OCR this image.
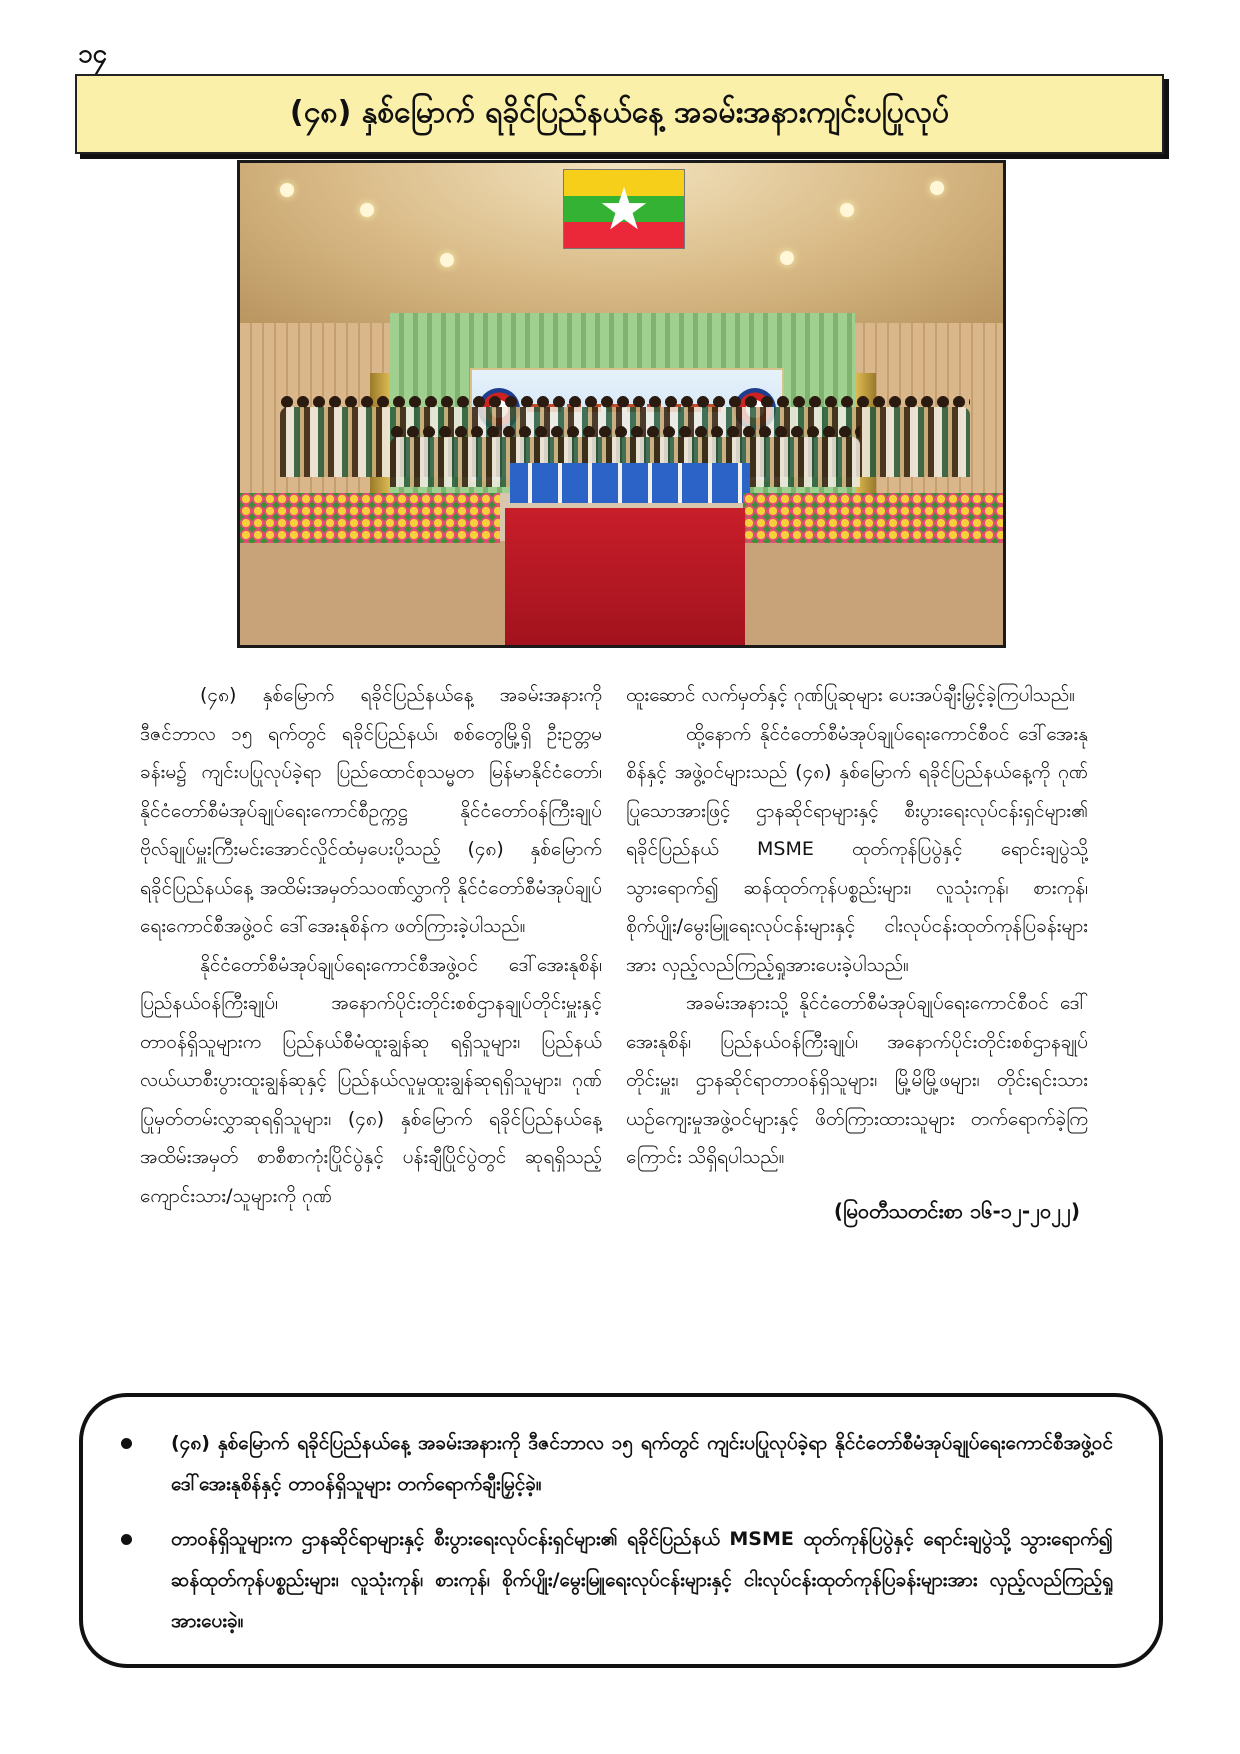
၁၄
(၄၈) နှစ်မြောက် ရခိုင်ပြည်နယ်နေ့ အခမ်းအနားကျင်းပပြုလုပ်
★

(၄၈) နှစ်မြောက် ရခိုင်ပြည်နယ်နေ့ အခမ်းအနားကို ဒီဇင်ဘာလ ၁၅ ရက်တွင် ရခိုင်ပြည်နယ်၊ စစ်တွေမြို့ရှိ ဦးဥတ္တမ ခန်းမ၌ ကျင်းပပြုလုပ်ခဲ့ရာ ပြည်ထောင်စုသမ္မတ မြန်မာနိုင်ငံတော်၊ နိုင်ငံတော်စီမံအုပ်ချုပ်ရေးကောင်စီဥက္ကဋ္ဌ နိုင်ငံတော်ဝန်ကြီးချုပ် ဗိုလ်ချုပ်မှူးကြီးမင်းအောင်လှိုင်ထံမှပေးပို့သည့် (၄၈) နှစ်မြောက် ရခိုင်ပြည်နယ်နေ့ အထိမ်းအမှတ်သဝဏ်လွှာကို နိုင်ငံတော်စီမံအုပ်ချုပ်ရေးကောင်စီအဖွဲ့ဝင် ဒေါ်အေးနုစိန်က ဖတ်ကြားခဲ့ပါသည်။

နိုင်ငံတော်စီမံအုပ်ချုပ်ရေးကောင်စီအဖွဲ့ဝင် ဒေါ်အေးနုစိန်၊ ပြည်နယ်ဝန်ကြီးချုပ်၊ အနောက်ပိုင်းတိုင်းစစ်ဌာနချုပ်တိုင်းမှူးနှင့် တာဝန်ရှိသူများက ပြည်နယ်စီမံထူးချွန်ဆု ရရှိသူများ၊ ပြည်နယ်လယ်ယာစီးပွားထူးချွန်ဆုနှင့် ပြည်နယ်လူမှုထူးချွန်ဆုရရှိသူများ၊ ဂုဏ်ပြုမှတ်တမ်းလွှာဆုရရှိသူများ၊ (၄၈) နှစ်မြောက် ရခိုင်ပြည်နယ်နေ့အထိမ်းအမှတ် စာစီစာကုံးပြိုင်ပွဲနှင့် ပန်းချီပြိုင်ပွဲတွင် ဆုရရှိသည့် ကျောင်းသား/သူများကို ဂုဏ်

ထူးဆောင် လက်မှတ်နှင့် ဂုဏ်ပြုဆုများ ပေးအပ်ချီးမြှင့်ခဲ့ကြပါသည်။

ထို့နောက် နိုင်ငံတော်စီမံအုပ်ချုပ်ရေးကောင်စီဝင် ဒေါ်အေးနုစိန်နှင့် အဖွဲ့ဝင်များသည် (၄၈) နှစ်မြောက် ရခိုင်ပြည်နယ်နေ့ကို ဂုဏ်ပြုသောအားဖြင့် ဌာနဆိုင်ရာများနှင့် စီးပွားရေးလုပ်ငန်းရှင်များ၏ ရခိုင်ပြည်နယ် MSME ထုတ်ကုန်ပြပွဲနှင့် ရောင်းချပွဲသို့ သွားရောက်၍ ဆန်ထုတ်ကုန်ပစ္စည်းများ၊ လူသုံးကုန်၊ စားကုန်၊ စိုက်ပျိုး/မွေးမြူရေးလုပ်ငန်းများနှင့် ငါးလုပ်ငန်းထုတ်ကုန်ပြခန်းများအား လှည့်လည်ကြည့်ရှုအားပေးခဲ့ပါသည်။

အခမ်းအနားသို့ နိုင်ငံတော်စီမံအုပ်ချုပ်ရေးကောင်စီဝင် ဒေါ်အေးနုစိန်၊ ပြည်နယ်ဝန်ကြီးချုပ်၊ အနောက်ပိုင်းတိုင်းစစ်ဌာနချုပ်တိုင်းမှူး၊ ဌာနဆိုင်ရာတာဝန်ရှိသူများ၊ မြို့မိမြို့ဖများ၊ တိုင်းရင်းသားယဉ်ကျေးမှုအဖွဲ့ဝင်များနှင့် ဖိတ်ကြားထားသူများ တက်ရောက်ခဲ့ကြကြောင်း သိရှိရပါသည်။

(မြဝတီသတင်းစာ ၁၆-၁၂-၂၀၂၂)
(၄၈) နှစ်မြောက် ရခိုင်ပြည်နယ်နေ့ အခမ်းအနားကို ဒီဇင်ဘာလ ၁၅ ရက်တွင် ကျင်းပပြုလုပ်ခဲ့ရာ နိုင်ငံတော်စီမံအုပ်ချုပ်ရေးကောင်စီအဖွဲ့ဝင် ဒေါ်အေးနုစိန်နှင့် တာဝန်ရှိသူများ တက်ရောက်ချီးမြှင့်ခဲ့။
တာဝန်ရှိသူများက ဌာနဆိုင်ရာများနှင့် စီးပွားရေးလုပ်ငန်းရှင်များ၏ ရခိုင်ပြည်နယ် MSME ထုတ်ကုန်ပြပွဲနှင့် ရောင်းချပွဲသို့ သွားရောက်၍ ဆန်ထုတ်ကုန်ပစ္စည်းများ၊ လူသုံးကုန်၊ စားကုန်၊ စိုက်ပျိုး/မွေးမြူရေးလုပ်ငန်းများနှင့် ငါးလုပ်ငန်းထုတ်ကုန်ပြခန်းများအား လှည့်လည်ကြည့်ရှုအားပေးခဲ့။
